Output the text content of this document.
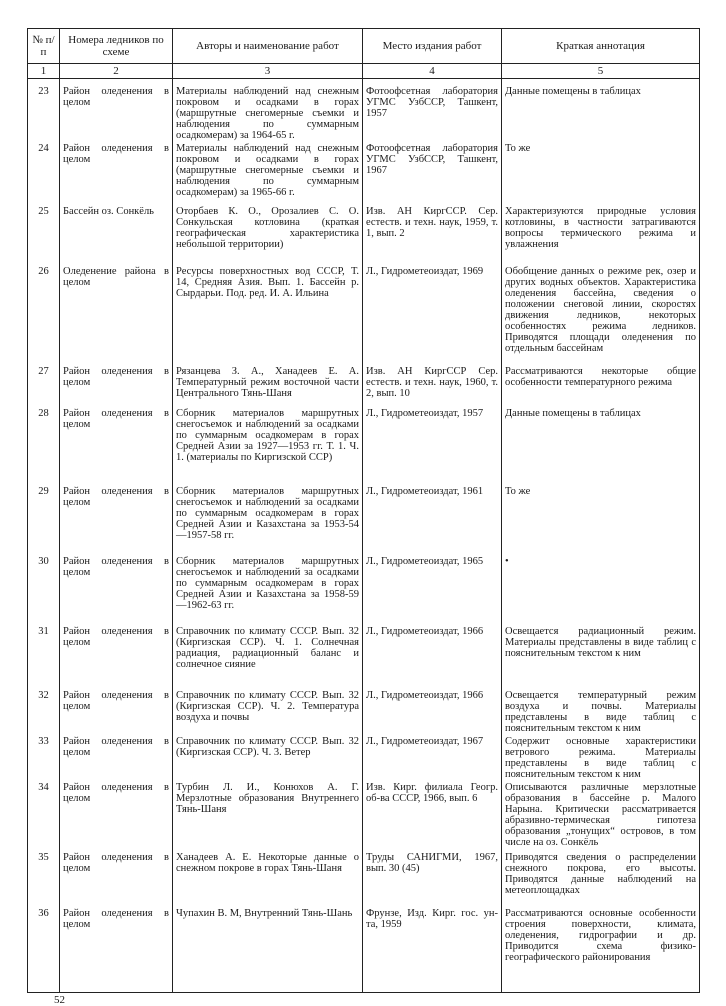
№ п/п	Номера ледников по схеме	Авторы и наименование работ	Место издания работ	Краткая аннотация
1	2	3	4	5
23	Район оледенения в целом	Материалы наблюдений над снежным покровом и осадками в горах (маршрутные снегомерные съемки и наблюдения по суммарным осадкомерам) за 1964-65 г.	Фотоофсетная лаборатория УГМС УзбССР, Ташкент, 1957	Данные помещены в таблицах
24	Район оледенения в целом	Материалы наблюдений над снежным покровом и осадками в горах (маршрутные снегомерные съемки и наблюдения по суммарным осадкомерам) за 1965-66 г.	Фотоофсетная лаборатория УГМС УзбССР, Ташкент, 1967	То же
25	Бассейн оз. Сонкёль	Оторбаев К. О., Орозалиев С. О. Сонкульская котловина (краткая географическая характеристика небольшой территории)	Изв. АН КиргССР. Сер. естеств. и техн. наук, 1959, т. 1, вып. 2	Характеризуются природные условия котловины, в частности затрагиваются вопросы термического режима и увлажнения
26	Оледенение района в целом	Ресурсы поверхностных вод СССР, Т. 14, Средняя Азия. Вып. 1. Бассейн р. Сырдарьи. Под. ред. И. А. Ильина	Л., Гидрометеоиздат, 1969	Обобщение данных о режиме рек, озер и других водных объектов. Характеристика оледенения бассейна, сведения о положении снеговой линии, скоростях движения ледников, некоторых особенностях режима ледников. Приводятся площади оледенения по отдельным бассейнам
27	Район оледенения в целом	Рязанцева З. А., Ханадеев Е. А. Температурный режим восточной части Центрального Тянь-Шаня	Изв. АН КиргССР Сер. естеств. и техн. наук, 1960, т. 2, вып. 10	Рассматриваются некоторые общие особенности температурного режима
28	Район оледенения в целом	Сборник материалов маршрутных снегосъемок и наблюдений за осадками по суммарным осадкомерам в горах Средней Азии за 1927—1953 гг. Т. 1. Ч. 1. (материалы по Киргизской ССР)	Л., Гидрометеоиздат, 1957	Данные помещены в таблицах
29	Район оледенения в целом	Сборник материалов маршрутных снегосъемок и наблюдений за осадками по суммарным осадкомерам в горах Средней Азии и Казахстана за 1953-54—1957-58 гг.	Л., Гидрометеоиздат, 1961	То же
30	Район оледенения в целом	Сборник материалов маршрутных снегосъемок и наблюдений за осадками по суммарным осадкомерам в горах Средней Азии и Казахстана за 1958-59—1962-63 гг.	Л., Гидрометеоиздат, 1965	•
31	Район оледенения в целом	Справочник по климату СССР. Вып. 32 (Киргизская ССР). Ч. 1. Солнечная радиация, радиационный баланс и солнечное сияние	Л., Гидрометеоиздат, 1966	Освещается радиационный режим. Материалы представлены в виде таблиц с пояснительным текстом к ним
32	Район оледенения в целом	Справочник по климату СССР. Вып. 32 (Киргизская ССР). Ч. 2. Температура воздуха и почвы	Л., Гидрометеоиздат, 1966	Освещается температурный режим воздуха и почвы. Материалы представлены в виде таблиц с пояснительным текстом к ним
33	Район оледенения в целом	Справочник по климату СССР. Вып. 32 (Киргизская ССР). Ч. 3. Ветер	Л., Гидрометеоиздат, 1967	Содержит основные характеристики ветрового режима. Материалы представлены в виде таблиц с пояснительным текстом к ним
34	Район оледенения в целом	Турбин Л. И., Конюхов А. Г. Мерзлотные образования Внутреннего Тянь-Шаня	Изв. Кирг. филиала Геогр. об-ва СССР, 1966, вып. 6	Описываются различные мерзлотные образования в бассейне р. Малого Нарына. Критически рассматривается абразивно-термическая гипотеза образования „тонущих“ островов, в том числе на оз. Сонкёль
35	Район оледенения в целом	Ханадеев А. Е. Некоторые данные о снежном покрове в горах Тянь-Шаня	Труды САНИГМИ, 1967, вып. 30 (45)	Приводятся сведения о распределении снежного покрова, его высоты. Приводятся данные наблюдений на метеоплощадках
36	Район оледенения в целом	Чупахин В. М, Внутренний Тянь-Шань	Фрунзе, Изд. Кирг. гос. ун-та, 1959	Рассматриваются основные особенности строения поверхности, климата, оледенения, гидрографии и др. Приводится схема физико-географического районирования
52
